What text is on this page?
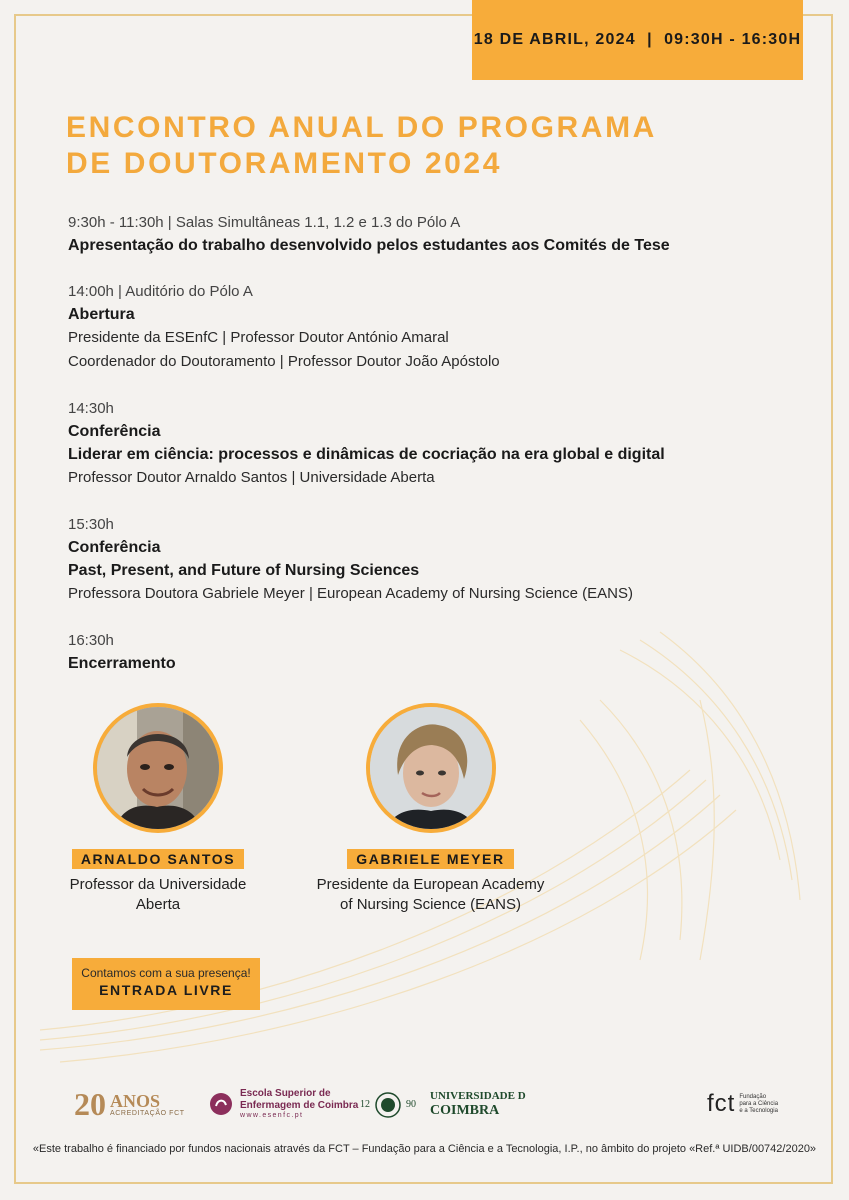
18 DE ABRIL, 2024  |  09:30H - 16:30H
ENCONTRO ANUAL DO PROGRAMA
DE DOUTORAMENTO 2024
9:30h - 11:30h | Salas Simultâneas 1.1, 1.2 e 1.3 do Pólo A
Apresentação do trabalho desenvolvido pelos estudantes aos Comités de Tese
14:00h | Auditório do Pólo A
Abertura
Presidente da ESEnfC | Professor Doutor António Amaral
Coordenador do Doutoramento | Professor Doutor João Apóstolo
14:30h
Conferência
Liderar em ciência: processos e dinâmicas de cocriação na era global e digital
Professor Doutor Arnaldo Santos | Universidade Aberta
15:30h
Conferência
Past, Present, and Future of Nursing Sciences
Professora Doutora Gabriele Meyer | European Academy of Nursing Science (EANS)
16:30h
Encerramento
ARNALDO SANTOS
Professor da Universidade
Aberta
GABRIELE MEYER
Presidente da European Academy
of Nursing Science (EANS)
Contamos com a sua presença!
ENTRADA LIVRE
20 ANOS
ACREDITAÇÃO FCT
Escola Superior de
Enfermagem de Coimbra
www.esenfc.pt
12	90
UNIVERSIDADE D
COIMBRA	fct Fundação
para a Ciência
e a Tecnologia
«Este trabalho é financiado por fundos nacionais através da FCT – Fundação para a Ciência e a Tecnologia, I.P., no âmbito do projeto «Ref.ª UIDB/00742/2020»
